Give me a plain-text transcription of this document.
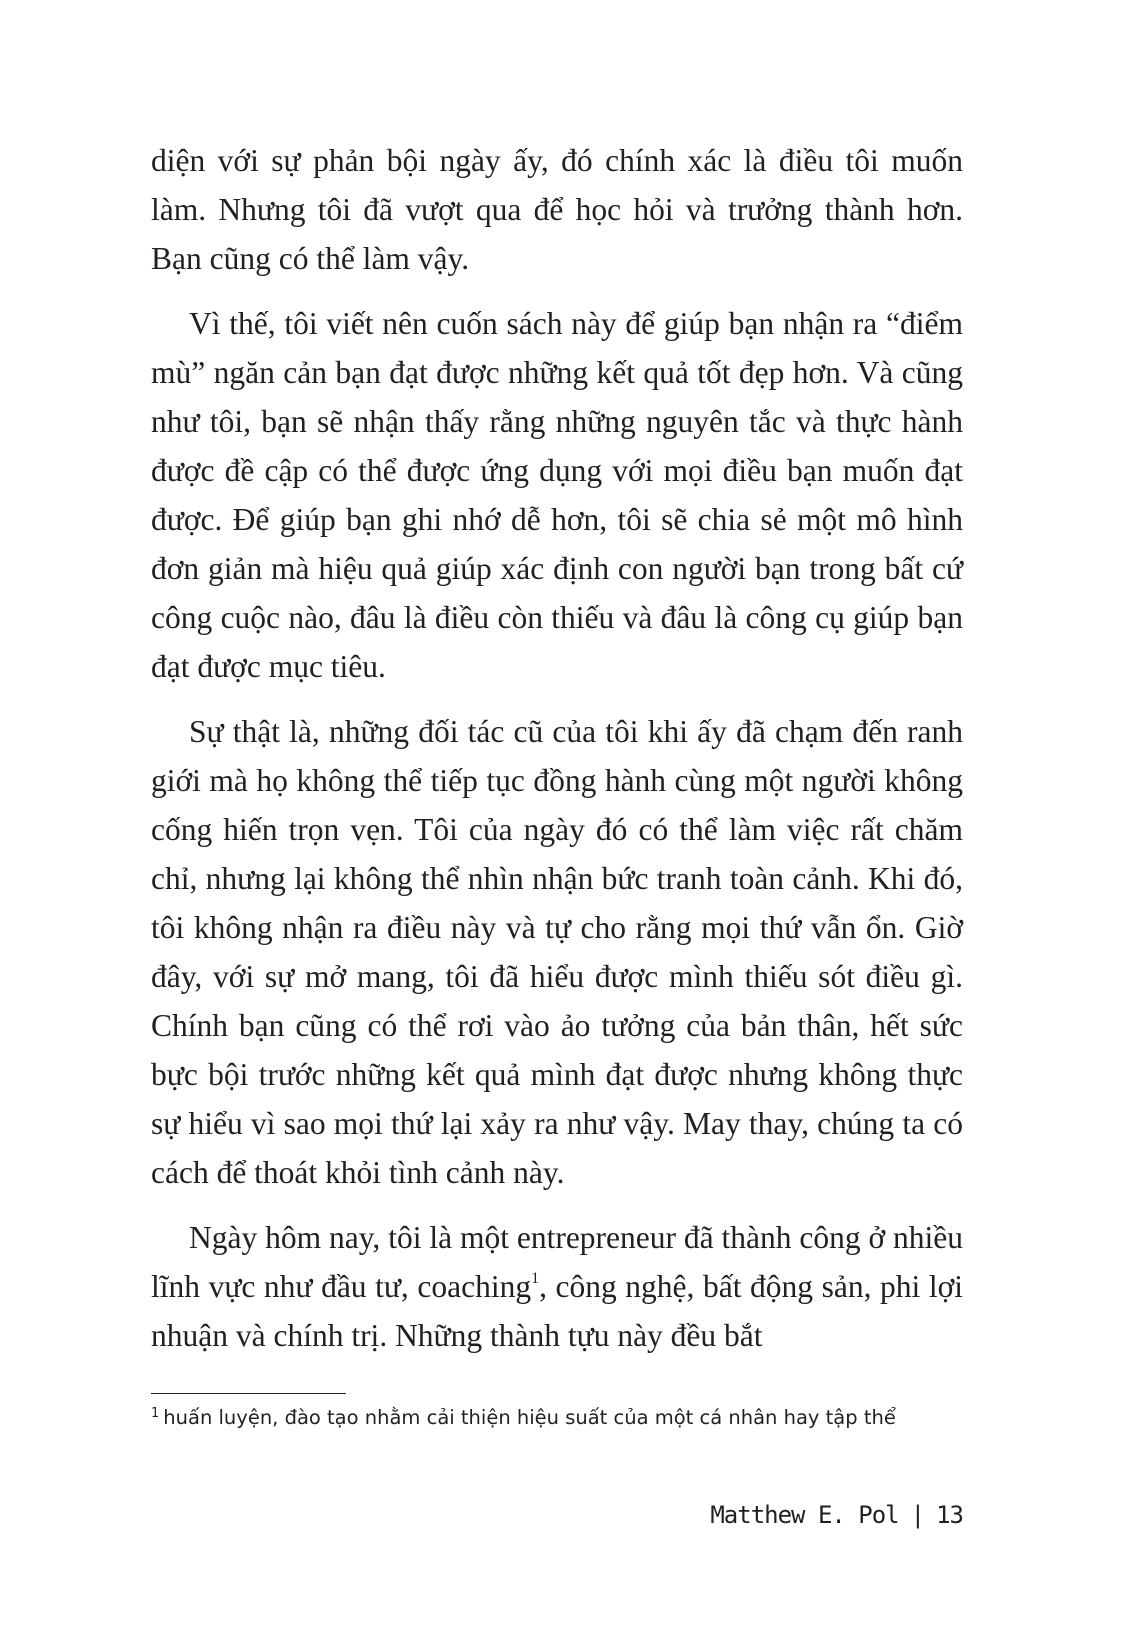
diện với sự phản bội ngày ấy, đó chính xác là điều tôi muốn làm. Nhưng tôi đã vượt qua để học hỏi và trưởng thành hơn. Bạn cũng có thể làm vậy.

Vì thế, tôi viết nên cuốn sách này để giúp bạn nhận ra “điểm mù” ngăn cản bạn đạt được những kết quả tốt đẹp hơn. Và cũng như tôi, bạn sẽ nhận thấy rằng những nguyên tắc và thực hành được đề cập có thể được ứng dụng với mọi điều bạn muốn đạt được. Để giúp bạn ghi nhớ dễ hơn, tôi sẽ chia sẻ một mô hình đơn giản mà hiệu quả giúp xác định con người bạn trong bất cứ công cuộc nào, đâu là điều còn thiếu và đâu là công cụ giúp bạn đạt được mục tiêu.

Sự thật là, những đối tác cũ của tôi khi ấy đã chạm đến ranh giới mà họ không thể tiếp tục đồng hành cùng một người không cống hiến trọn vẹn. Tôi của ngày đó có thể làm việc rất chăm chỉ, nhưng lại không thể nhìn nhận bức tranh toàn cảnh. Khi đó, tôi không nhận ra điều này và tự cho rằng mọi thứ vẫn ổn. Giờ đây, với sự mở mang, tôi đã hiểu được mình thiếu sót điều gì. Chính bạn cũng có thể rơi vào ảo tưởng của bản thân, hết sức bực bội trước những kết quả mình đạt được nhưng không thực sự hiểu vì sao mọi thứ lại xảy ra như vậy. May thay, chúng ta có cách để thoát khỏi tình cảnh này.

Ngày hôm nay, tôi là một entrepreneur đã thành công ở nhiều lĩnh vực như đầu tư, coaching$^1$, công nghệ, bất động sản, phi lợi nhuận và chính trị. Những thành tựu này đều bắt

$^1$ huấn luyện, đào tạo nhằm cải thiện hiệu suất của một cá nhân hay tập thể
Matthew E. Pol | 13
